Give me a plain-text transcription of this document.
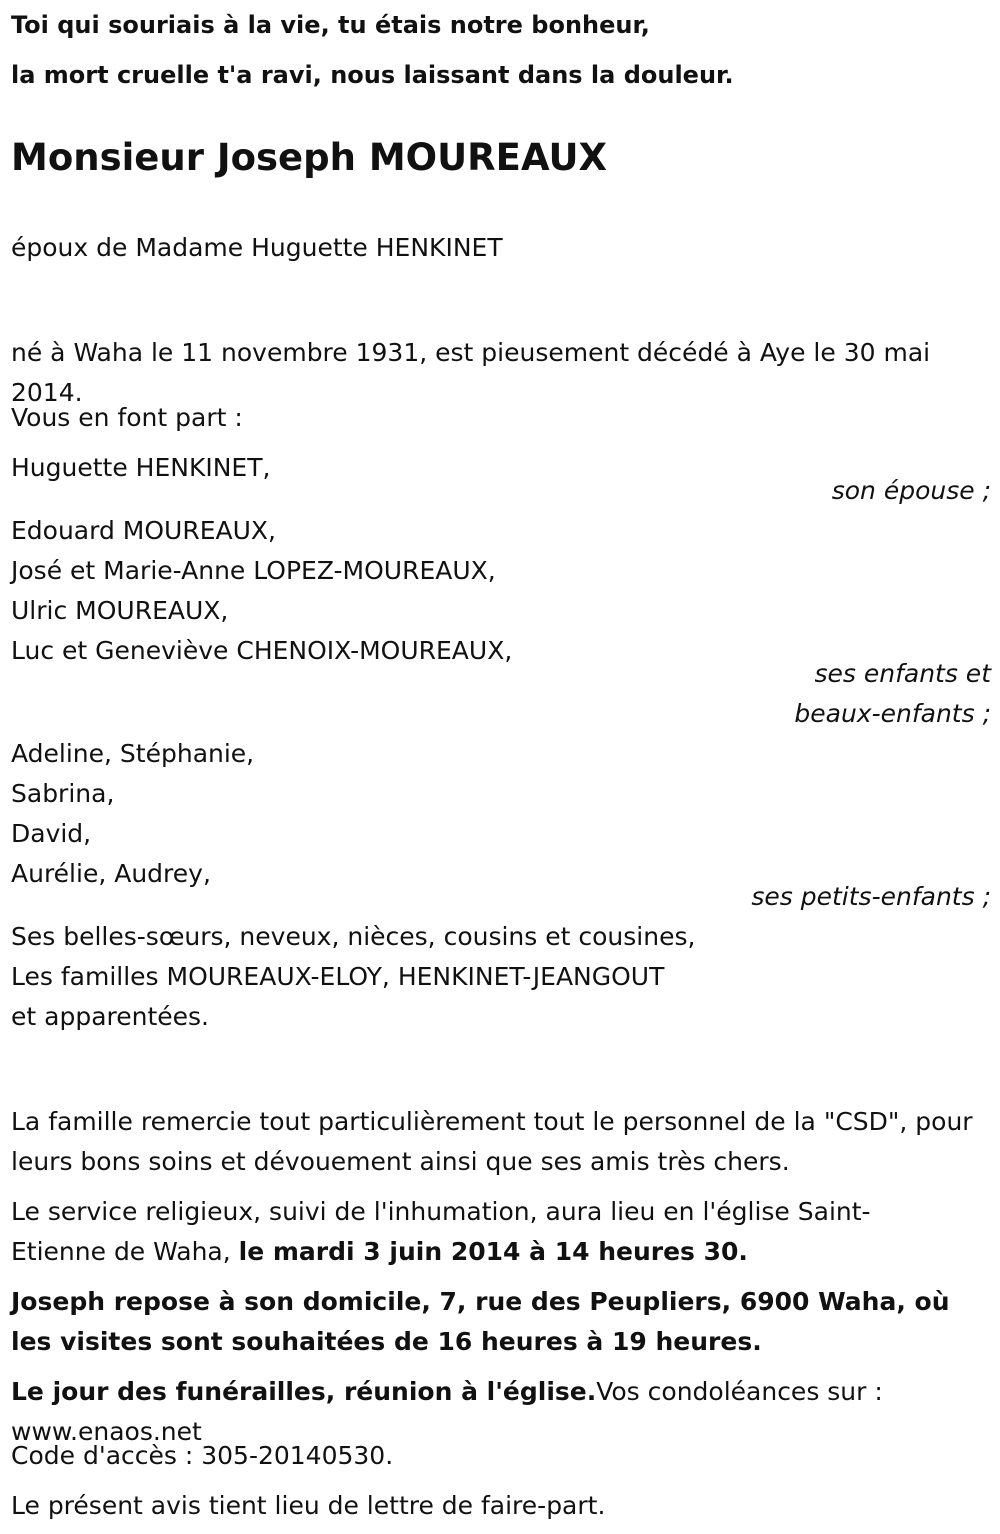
Toi qui souriais à la vie, tu étais notre bonheur,

la mort cruelle t'a ravi, nous laissant dans la douleur.

Monsieur Joseph MOUREAUX

époux de Madame Huguette HENKINET

né à Waha le 11 novembre 1931, est pieusement décédé à Aye le 30 mai 2014.

Vous en font part :

Huguette HENKINET,

son épouse ;

Edouard MOUREAUX,

José et Marie-Anne LOPEZ-MOUREAUX,

Ulric MOUREAUX,

Luc et Geneviève CHENOIX-MOUREAUX,

ses enfants et
beaux-enfants ;

Adeline, Stéphanie,

Sabrina,

David,

Aurélie, Audrey,

ses petits-enfants ;

Ses belles-sœurs, neveux, nièces, cousins et cousines,

Les familles MOUREAUX-ELOY, HENKINET-JEANGOUT

et apparentées.

La famille remercie tout particulièrement tout le personnel de la "CSD", pour leurs bons soins et dévouement ainsi que ses amis très chers.

Le service religieux, suivi de l'inhumation, aura lieu en l'église Saint-Etienne de Waha, le mardi 3 juin 2014 à 14 heures 30.

Joseph repose à son domicile, 7, rue des Peupliers, 6900 Waha, où les visites sont souhaitées de 16 heures à 19 heures.

Le jour des funérailles, réunion à l'église.Vos condoléances sur :
www.enaos.net

Code d'accès : 305-20140530.

Le présent avis tient lieu de lettre de faire-part.
